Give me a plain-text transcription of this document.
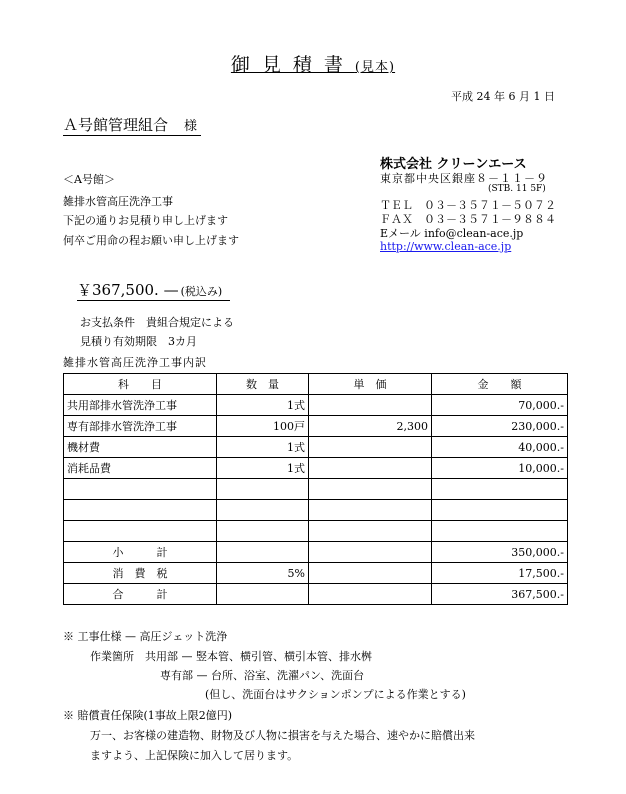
御見積書(見本)
平成 24 年 6 月 1 日
Ａ号館管理組合 様
＜A号館＞
雑排水管高圧洗浄工事
下記の通りお見積り申し上げます
何卒ご用命の程お願い申し上げます
株式会社 クリーンエース
東京都中央区銀座８－１１－９
(STB. 11 5F)
ＴＥＬ　０３－３５７１－５０７２
ＦＡＸ　０３－３５７１－９８８４
Eメール info@clean-ace.jp
http://www.clean-ace.jp
￥367,500. — (税込み)
お支払条件　貴組合規定による
見積り有効期限　3カ月
雑排水管高圧洗浄工事内訳
科　　目	数　量	単　価	金　　額
共用部排水管洗浄工事	1式		70,000.-
専有部排水管洗浄工事	100戸	2,300	230,000.-
機材費	1式		40,000.-
消耗品費	1式		10,000.-

小　　　計			350,000.-
消　費　税	5%		17,500.-
合　　　計			367,500.-
※ 工事仕様 — 高圧ジェット洗浄
作業箇所　共用部 — 竪本管、横引管、横引本管、排水桝
専有部 — 台所、浴室、洗濯パン、洗面台
(但し、洗面台はサクションポンプによる作業とする)
※ 賠償責任保険(1事故上限2億円)
万一、お客様の建造物、財物及び人物に損害を与えた場合、速やかに賠償出来
ますよう、上記保険に加入して居ります。
